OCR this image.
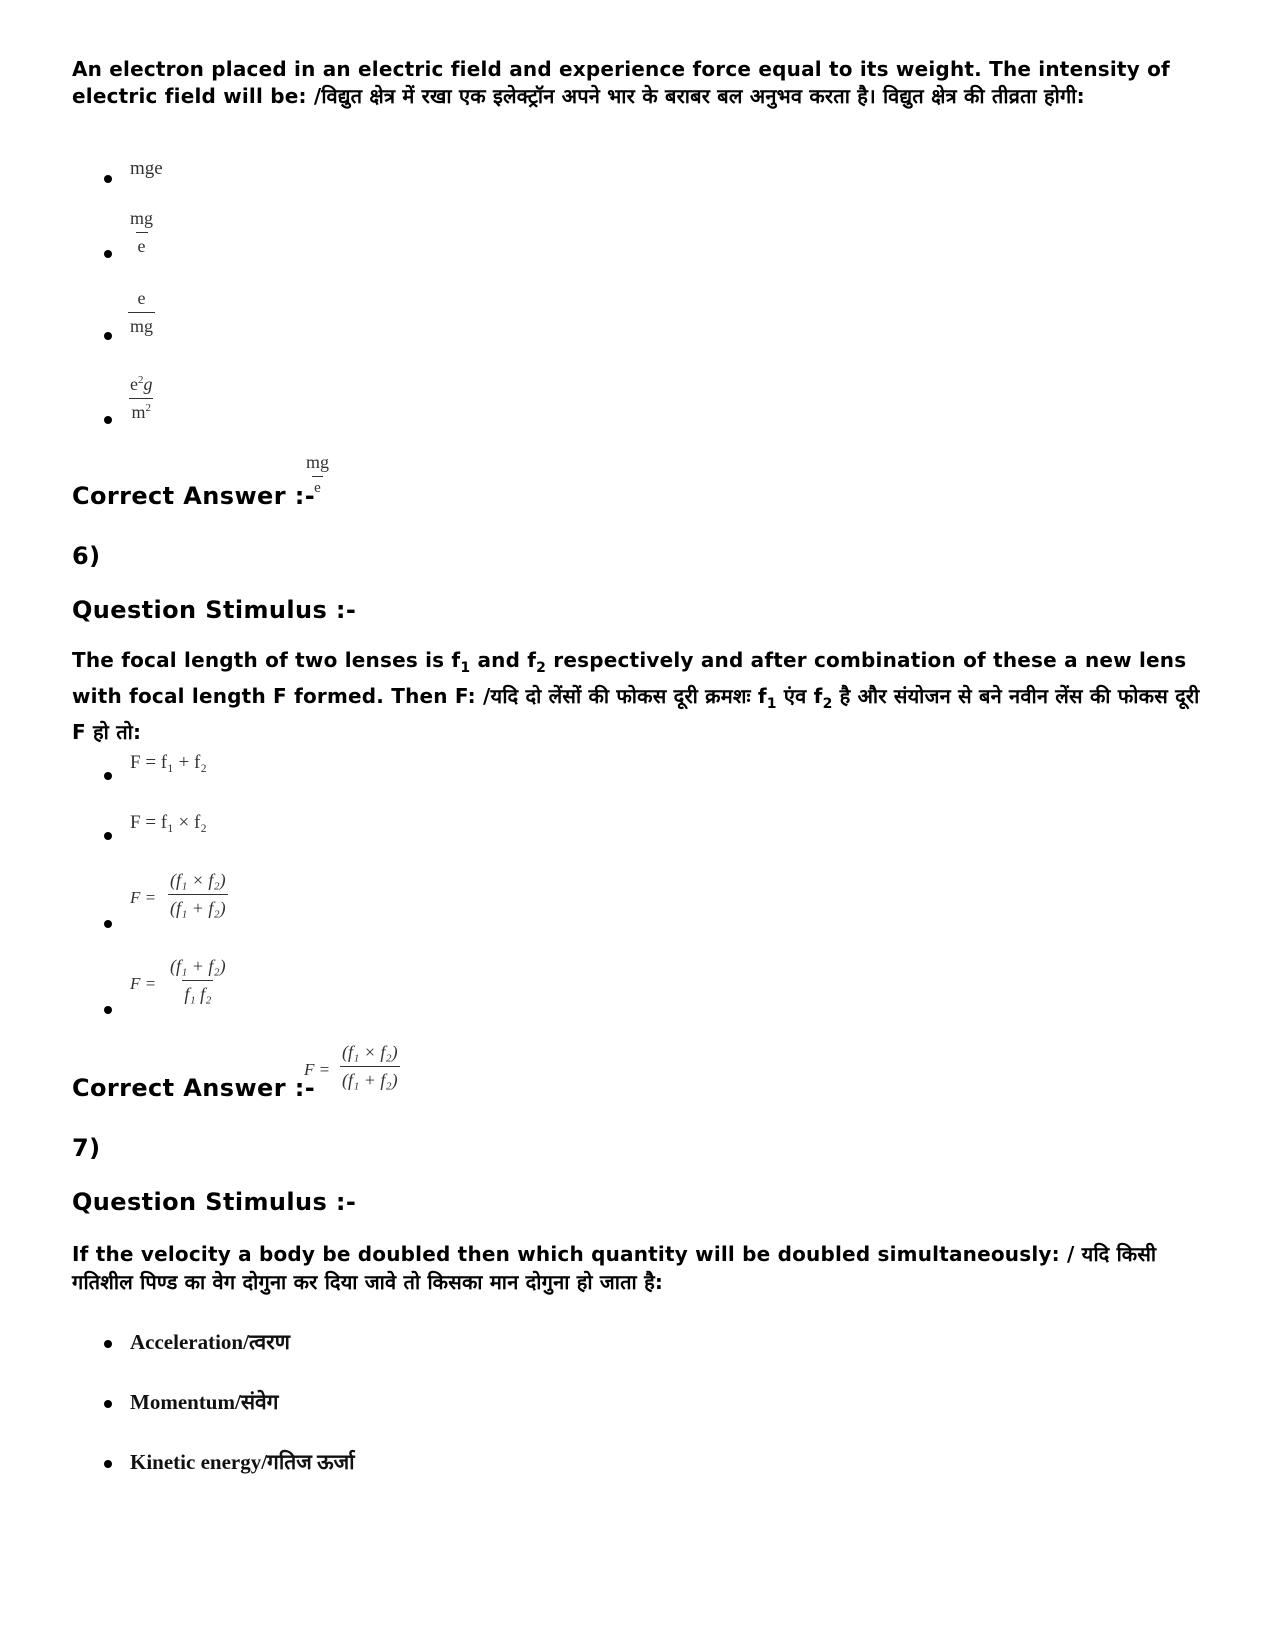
An electron placed in an electric field and experience force equal to its weight. The intensity of electric field will be: /विद्युत क्षेत्र में रखा एक इलेक्ट्रॉन अपने भार के बराबर बल अनुभव करता है। विद्युत क्षेत्र की तीव्रता होगी:

mge
$\frac{mg}{e}$
$\frac{e}{mg}$
$\frac{e^2g}{m^2}$
Correct Answer :-
mg
e
6)
Question Stimulus :-

The focal length of two lenses is $f_1$ and $f_2$ respectively and after combination of these a new lens with focal length F formed. Then F: /यदि दो लेंसों की फोकस दूरी क्रमशः $f_1$ एंव $f_2$ है और संयोजन से बने नवीन लेंस की फोकस दूरी F हो तो:

F = f₁ + f₂
F = f₁ × f₂
$F = \frac{\text{(f₁ × f₂)}}{\text{(f₁ + f₂)}}$
$F = \frac{\text{(f₁ + f₂)}}{\text{f₁ f₂}}$
Correct Answer :-
$F = \frac{\text{(f₁ × f₂)}}{\text{(f₁ + f₂)}}$
7)
Question Stimulus :-

If the velocity a body be doubled then which quantity will be doubled simultaneously: / यदि किसी गतिशील पिण्ड का वेग दोगुना कर दिया जावे तो किसका मान दोगुना हो जाता है:

Acceleration/त्वरण
Momentum/संवेग
Kinetic energy/गतिज ऊर्जा
